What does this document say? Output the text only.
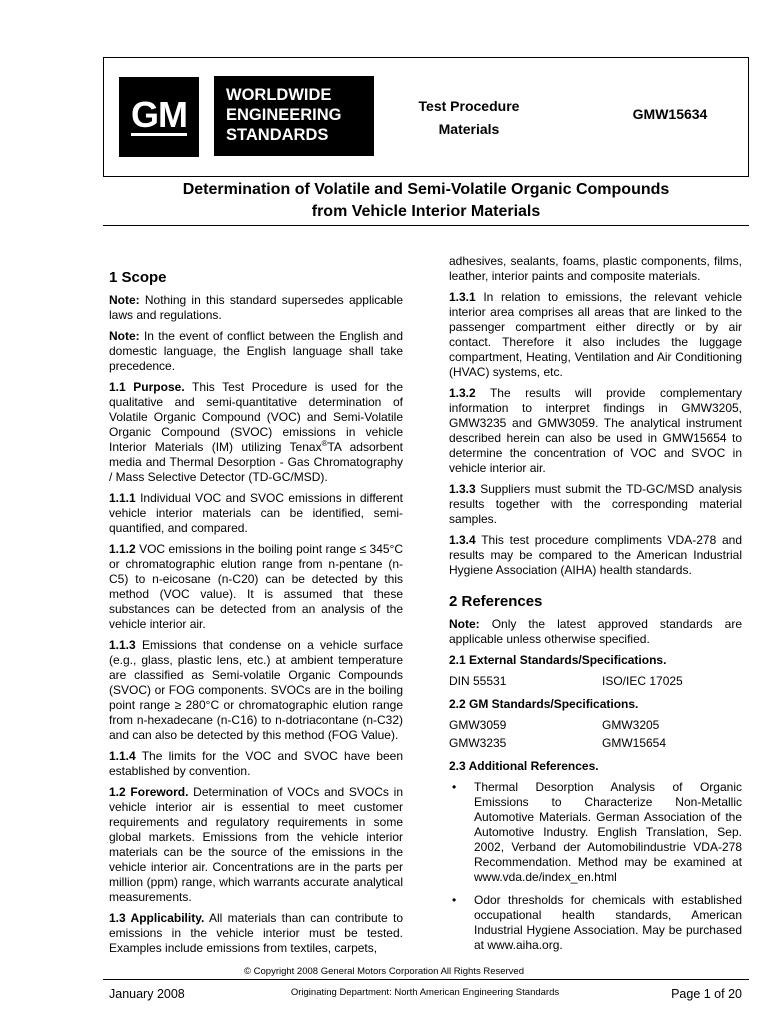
GM WORLDWIDE
ENGINEERING
STANDARDS
Test Procedure
Materials
GMW15634
Determination of Volatile and Semi-Volatile Organic Compounds
from Vehicle Interior Materials
1 Scope

Note: Nothing in this standard supersedes applicable laws and regulations.

Note: In the event of conflict between the English and domestic language, the English language shall take precedence.

1.1 Purpose. This Test Procedure is used for the qualitative and semi-quantitative determination of Volatile Organic Compound (VOC) and Semi-Volatile Organic Compound (SVOC) emissions in vehicle Interior Materials (IM) utilizing Tenax®TA adsorbent media and Thermal Desorption - Gas Chromatography / Mass Selective Detector (TD-GC/MSD).

1.1.1 Individual VOC and SVOC emissions in different vehicle interior materials can be identified, semi-quantified, and compared.

1.1.2 VOC emissions in the boiling point range ≤ 345°C or chromatographic elution range from n-pentane (n-C5) to n-eicosane (n-C20) can be detected by this method (VOC value). It is assumed that these substances can be detected from an analysis of the vehicle interior air.

1.1.3 Emissions that condense on a vehicle surface (e.g., glass, plastic lens, etc.) at ambient temperature are classified as Semi-volatile Organic Compounds (SVOC) or FOG components. SVOCs are in the boiling point range ≥ 280°C or chromatographic elution range from n-hexadecane (n-C16) to n-dotriacontane (n-C32) and can also be detected by this method (FOG Value).

1.1.4 The limits for the VOC and SVOC have been established by convention.

1.2 Foreword. Determination of VOCs and SVOCs in vehicle interior air is essential to meet customer requirements and regulatory requirements in some global markets. Emissions from the vehicle interior materials can be the source of the emissions in the vehicle interior air. Concentrations are in the parts per million (ppm) range, which warrants accurate analytical measurements.

1.3 Applicability. All materials than can contribute to emissions in the vehicle interior must be tested. Examples include emissions from textiles, carpets,

adhesives, sealants, foams, plastic components, films, leather, interior paints and composite materials.

1.3.1 In relation to emissions, the relevant vehicle interior area comprises all areas that are linked to the passenger compartment either directly or by air contact. Therefore it also includes the luggage compartment, Heating, Ventilation and Air Conditioning (HVAC) systems, etc.

1.3.2 The results will provide complementary information to interpret findings in GMW3205, GMW3235 and GMW3059. The analytical instrument described herein can also be used in GMW15654 to determine the concentration of VOC and SVOC in vehicle interior air.

1.3.3 Suppliers must submit the TD-GC/MSD analysis results together with the corresponding material samples.

1.3.4 This test procedure compliments VDA-278 and results may be compared to the American Industrial Hygiene Association (AIHA) health standards.

2 References

Note: Only the latest approved standards are applicable unless otherwise specified.

2.1 External Standards/Specifications.
DIN 55531	ISO/IEC 17025
2.2 GM Standards/Specifications.
GMW3059	GMW3205
GMW3235	GMW15654
2.3 Additional References.
• Thermal Desorption Analysis of Organic Emissions to Characterize Non-Metallic Automotive Materials. German Association of the Automotive Industry. English Translation, Sep. 2002, Verband der Automobilindustrie VDA-278 Recommendation. Method may be examined at www.vda.de/index_en.html
• Odor thresholds for chemicals with established occupational health standards, American Industrial Hygiene Association. May be purchased at www.aiha.org.
© Copyright 2008 General Motors Corporation All Rights Reserved
January 2008	Originating Department: North American Engineering Standards	Page 1 of 20
